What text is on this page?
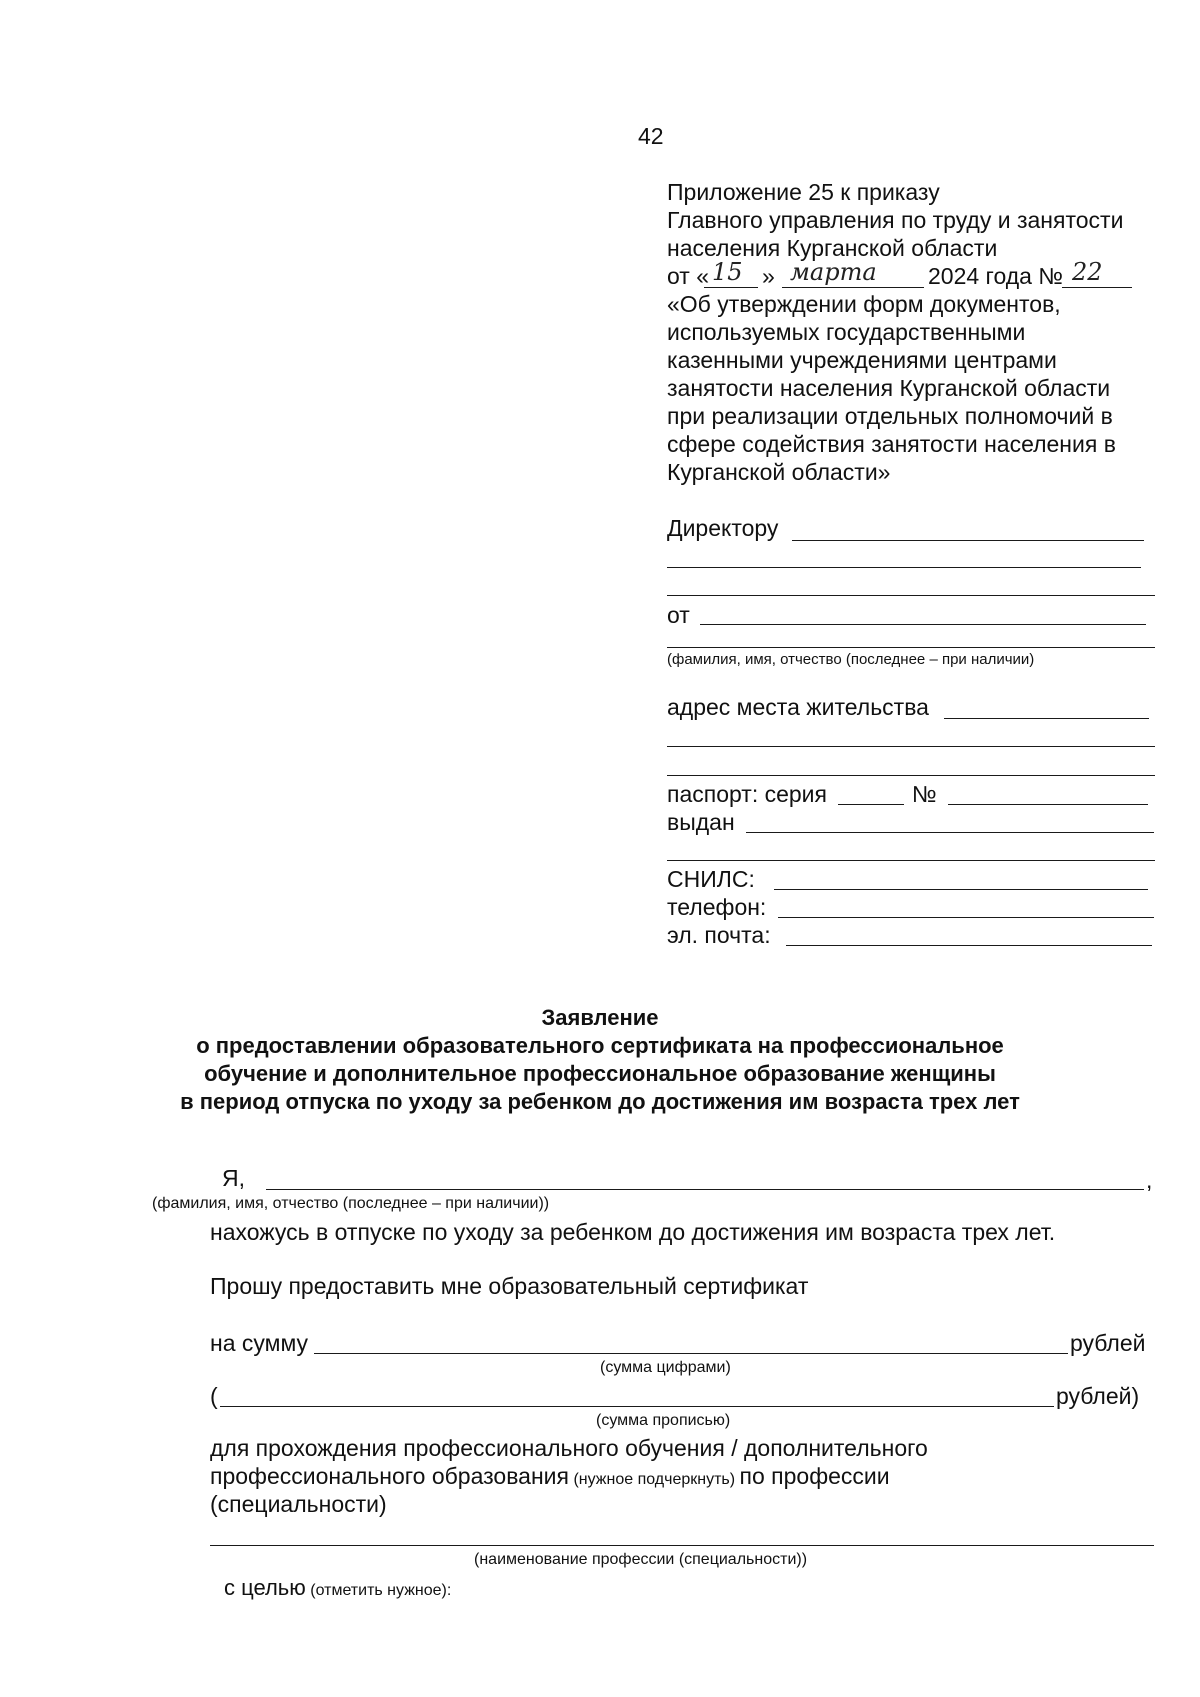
42
Приложение 25 к приказу
Главного управления по труду и занятости
населения Курганской области
от « 15 » марта 2024 года № 22
«Об утверждении форм документов,
используемых государственными
казенными учреждениями центрами
занятости населения Курганской области
при реализации отдельных полномочий в
сфере содействия занятости населения в
Курганской области»
Директору
от
(фамилия, имя, отчество (последнее – при наличии)
адрес места жительства
паспорт: серия	№
выдан
СНИЛС:
телефон:
эл. почта:
Заявление
о предоставлении образовательного сертификата на профессиональное
обучение и дополнительное профессиональное образование женщины
в период отпуска по уходу за ребенком до достижения им возраста трех лет
Я,	,
(фамилия, имя, отчество (последнее – при наличии))
нахожусь в отпуске по уходу за ребенком до достижения им возраста трех лет.
Прошу предоставить мне образовательный сертификат
на сумму	рублей
(сумма цифрами)
(	рублей)
(сумма прописью)
для прохождения профессионального обучения / дополнительного
профессионального образования (нужное подчеркнуть) по профессии
(специальности)
(наименование профессии (специальности))
с целью (отметить нужное):
